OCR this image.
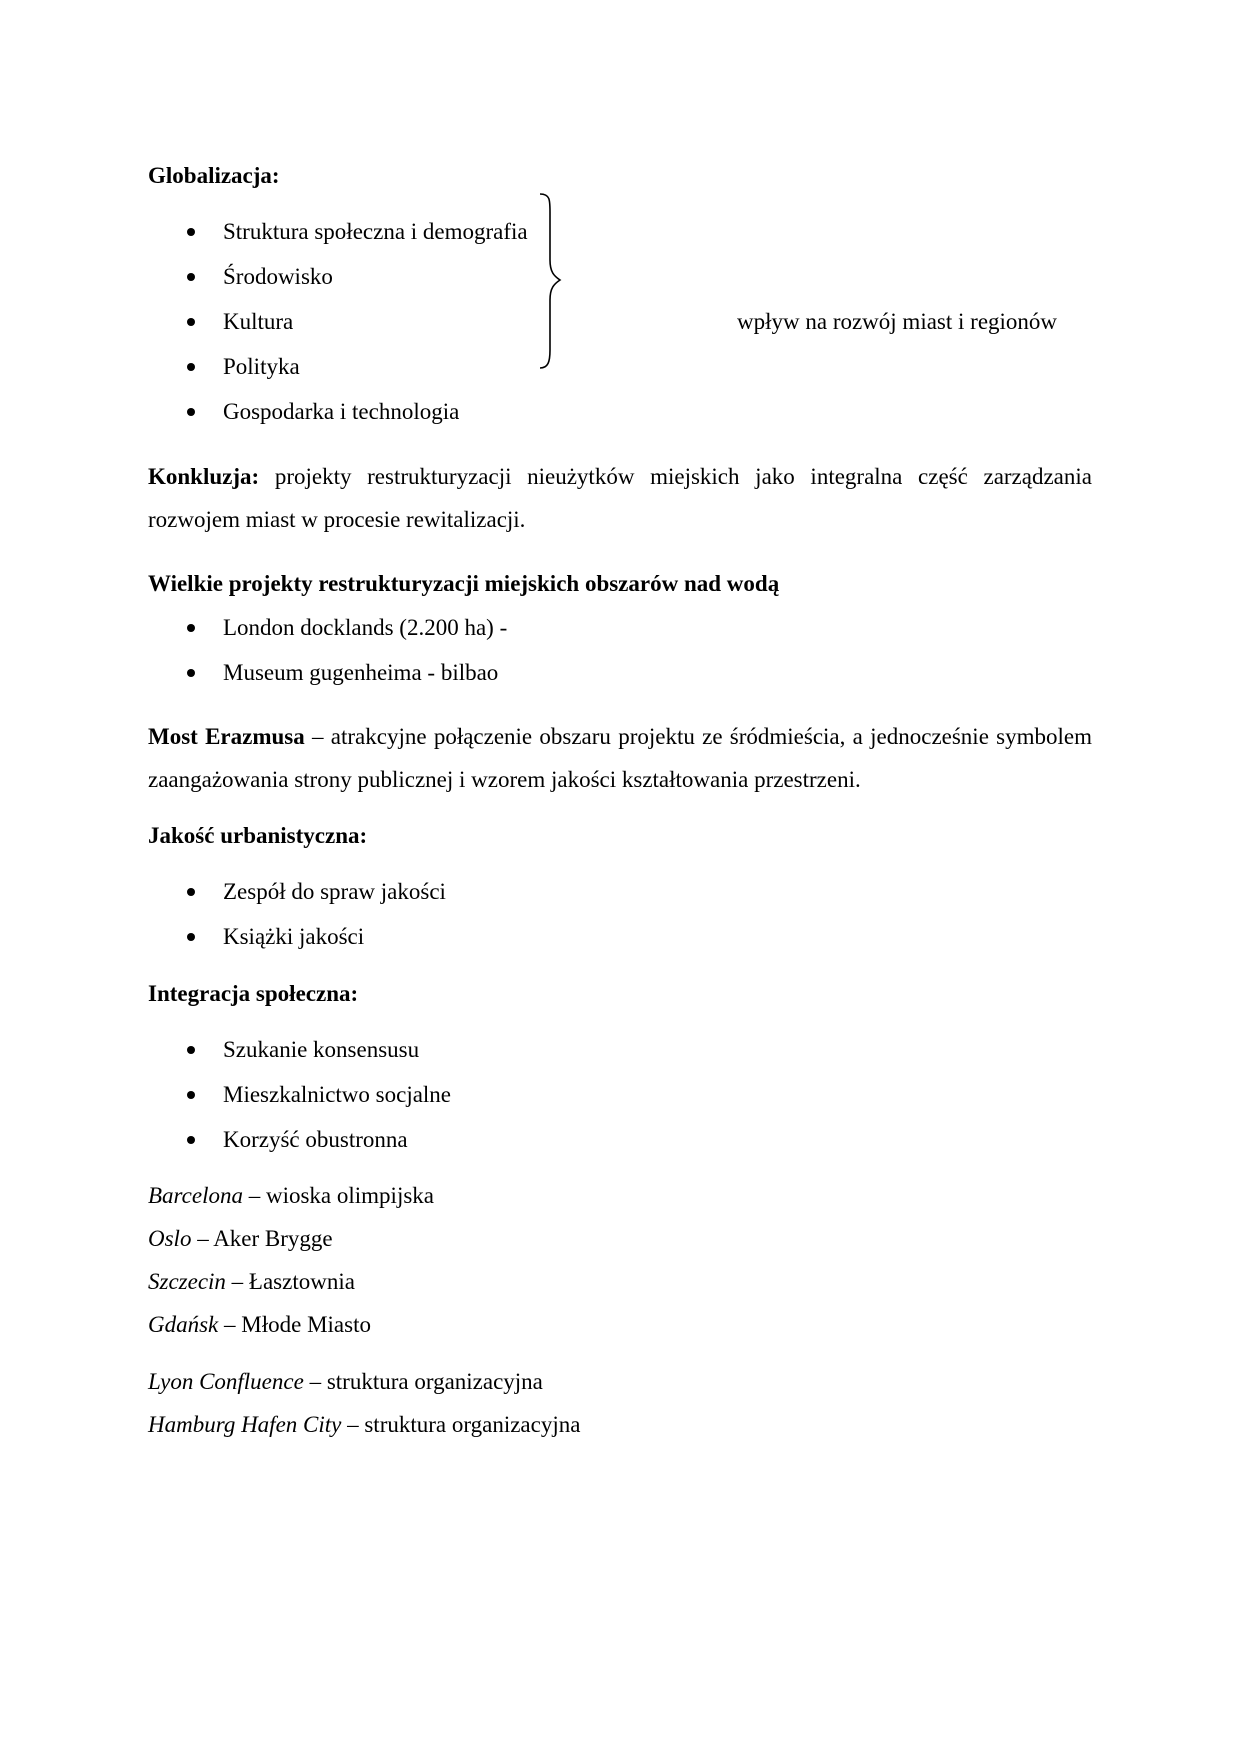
Globalizacja:
Struktura społeczna i demografia
Środowisko
Kultura
Polityka
Gospodarka i technologia
wpływ na rozwój miast i regionów
Konkluzja: projekty restrukturyzacji nieużytków miejskich jako integralna część zarządzania rozwojem miast w procesie rewitalizacji.
Wielkie projekty restrukturyzacji miejskich obszarów nad wodą
London docklands (2.200 ha) -
Museum gugenheima - bilbao
Most Erazmusa – atrakcyjne połączenie obszaru projektu ze śródmieścia, a jednocześnie symbolem zaangażowania strony publicznej i wzorem jakości kształtowania przestrzeni.
Jakość urbanistyczna:
Zespół do spraw jakości
Książki jakości
Integracja społeczna:
Szukanie konsensusu
Mieszkalnictwo socjalne
Korzyść obustronna
Barcelona – wioska olimpijska
Oslo – Aker Brygge
Szczecin – Łasztownia
Gdańsk – Młode Miasto
Lyon Confluence – struktura organizacyjna
Hamburg Hafen City – struktura organizacyjna
